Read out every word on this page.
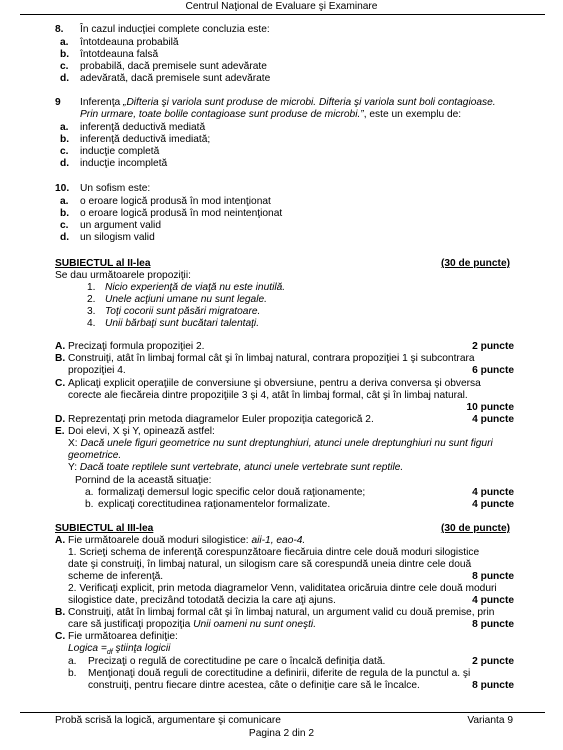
Centrul Naţional de Evaluare şi Examinare
8. În cazul inducţiei complete concluzia este:
a. întotdeauna probabilă
b. întotdeauna falsă
c. probabilă, dacă premisele sunt adevărate
d. adevărată, dacă premisele sunt adevărate
9 Inferenţa „Difteria şi variola sunt produse de microbi. Difteria şi variola sunt boli contagioase.
Prin urmare, toate bolile contagioase sunt produse de microbi.”, este un exemplu de:
a. inferenţă deductivă mediată
b. inferenţă deductivă imediată;
c. inducţie completă
d. inducţie incompletă
10. Un sofism este:
a. o eroare logică produsă în mod intenţionat
b. o eroare logică produsă în mod neintenţionat
c. un argument valid
d. un silogism valid
SUBIECTUL al II-lea	(30 de puncte)
Se dau următoarele propoziţii:
1. Nicio experienţă de viaţă nu este inutilă.
2. Unele acţiuni umane nu sunt legale.
3. Toţi cocorii sunt păsări migratoare.
4. Unii bărbaţi sunt bucătari talentaţi.
A. Precizaţi formula propoziţiei 2.	2 puncte
B. Construiţi, atât în limbaj formal cât şi în limbaj natural, contrara propoziţiei 1 şi subcontrara
propoziţiei 4.	6 puncte
C. Aplicaţi explicit operaţiile de conversiune şi obversiune, pentru a deriva conversa şi obversa
corecte ale fiecăreia dintre propoziţiile 3 şi 4, atât în limbaj formal, cât şi în limbaj natural.
10 puncte
D. Reprezentaţi prin metoda diagramelor Euler propoziţia categorică 2.	4 puncte
E. Doi elevi, X şi Y, opinează astfel:
X: Dacă unele figuri geometrice nu sunt dreptunghiuri, atunci unele dreptunghiuri nu sunt figuri
geometrice.
Y: Dacă toate reptilele sunt vertebrate, atunci unele vertebrate sunt reptile.
Pornind de la această situaţie:
a. formalizaţi demersul logic specific celor două raţionamente;	4 puncte
b. explicaţi corectitudinea raţionamentelor formalizate.	4 puncte
SUBIECTUL al III-lea	(30 de puncte)
A. Fie următoarele două moduri silogistice: aii-1, eao-4.
1. Scrieţi schema de inferenţă corespunzătoare fiecăruia dintre cele două moduri silogistice
date şi construiţi, în limbaj natural, un silogism care să corespundă uneia dintre cele două
scheme de inferenţă.	8 puncte
2. Verificaţi explicit, prin metoda diagramelor Venn, validitatea oricăruia dintre cele două moduri
silogistice date, precizând totodată decizia la care aţi ajuns.	4 puncte
B. Construiţi, atât în limbaj formal cât şi în limbaj natural, un argument valid cu două premise, prin
care să justificaţi propoziţia Unii oameni nu sunt oneşti.	8 puncte
C. Fie următoarea definiţie:
Logica $=_{df}$ ştiinţa logicii
a. Precizaţi o regulă de corectitudine pe care o încalcă definiţia dată.	2 puncte
b. Menţionaţi două reguli de corectitudine a definirii, diferite de regula de la punctul a. şi
construiţi, pentru fiecare dintre acestea, câte o definiţie care să le încalce.	8 puncte
Probă scrisă la logică, argumentare şi comunicare	Varianta 9
Pagina 2 din 2
